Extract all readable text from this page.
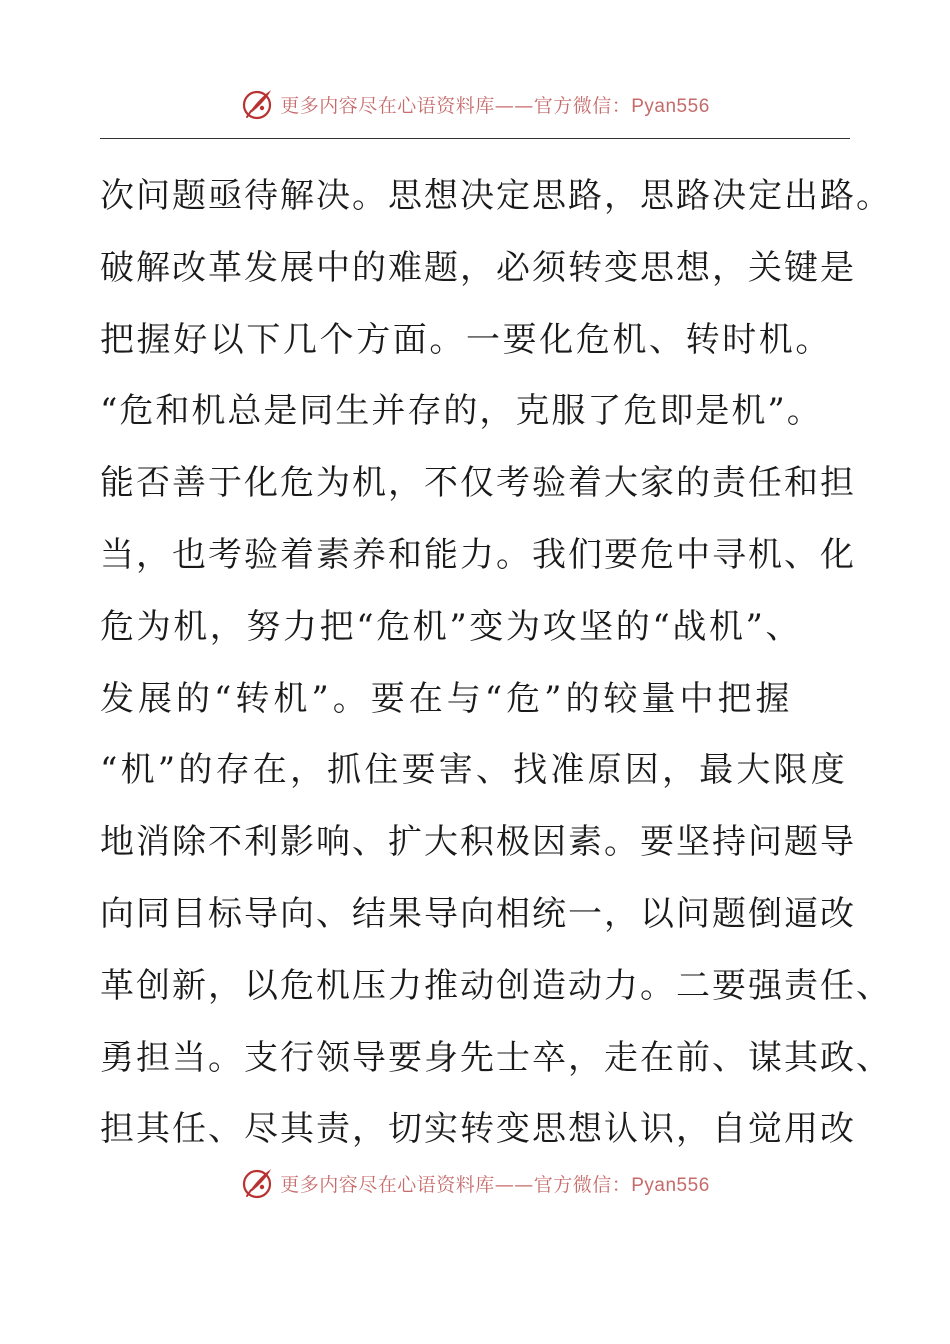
更多内容尽在心语资料库——官方微信：Pyan556
次问题亟待解决。思想决定思路，思路决定出路。
破解改革发展中的难题，必须转变思想，关键是
把握好以下几个方面。一要化危机、转时机。
“危和机总是同生并存的，克服了危即是机”。
能否善于化危为机，不仅考验着大家的责任和担
当，也考验着素养和能力。我们要危中寻机、化
危为机，努力把“危机”变为攻坚的“战机”、
发展的“转机”。要在与“危”的较量中把握
“机”的存在，抓住要害、找准原因，最大限度
地消除不利影响、扩大积极因素。要坚持问题导
向同目标导向、结果导向相统一，以问题倒逼改
革创新，以危机压力推动创造动力。二要强责任、
勇担当。支行领导要身先士卒，走在前、谋其政、
担其任、尽其责，切实转变思想认识，自觉用改
更多内容尽在心语资料库——官方微信：Pyan556
